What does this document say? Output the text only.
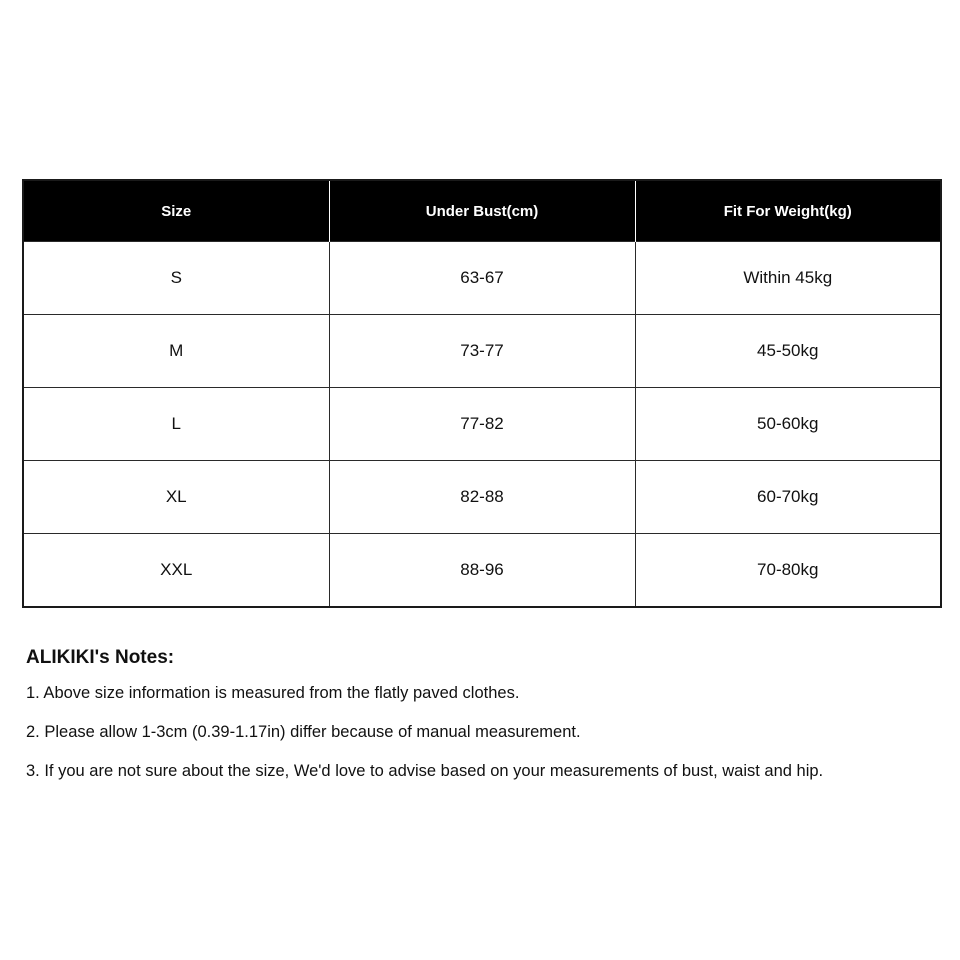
Size	Under Bust(cm)	Fit For Weight(kg)
S	63-67	Within 45kg
M	73-77	45-50kg
L	77-82	50-60kg
XL	82-88	60-70kg
XXL	88-96	70-80kg
ALIKIKI's Notes:
1. Above size information is measured from the flatly paved clothes.
2. Please allow 1-3cm (0.39-1.17in) differ because of manual measurement.
3. If you are not sure about the size, We'd love to advise based on your measurements of bust, waist and hip.
